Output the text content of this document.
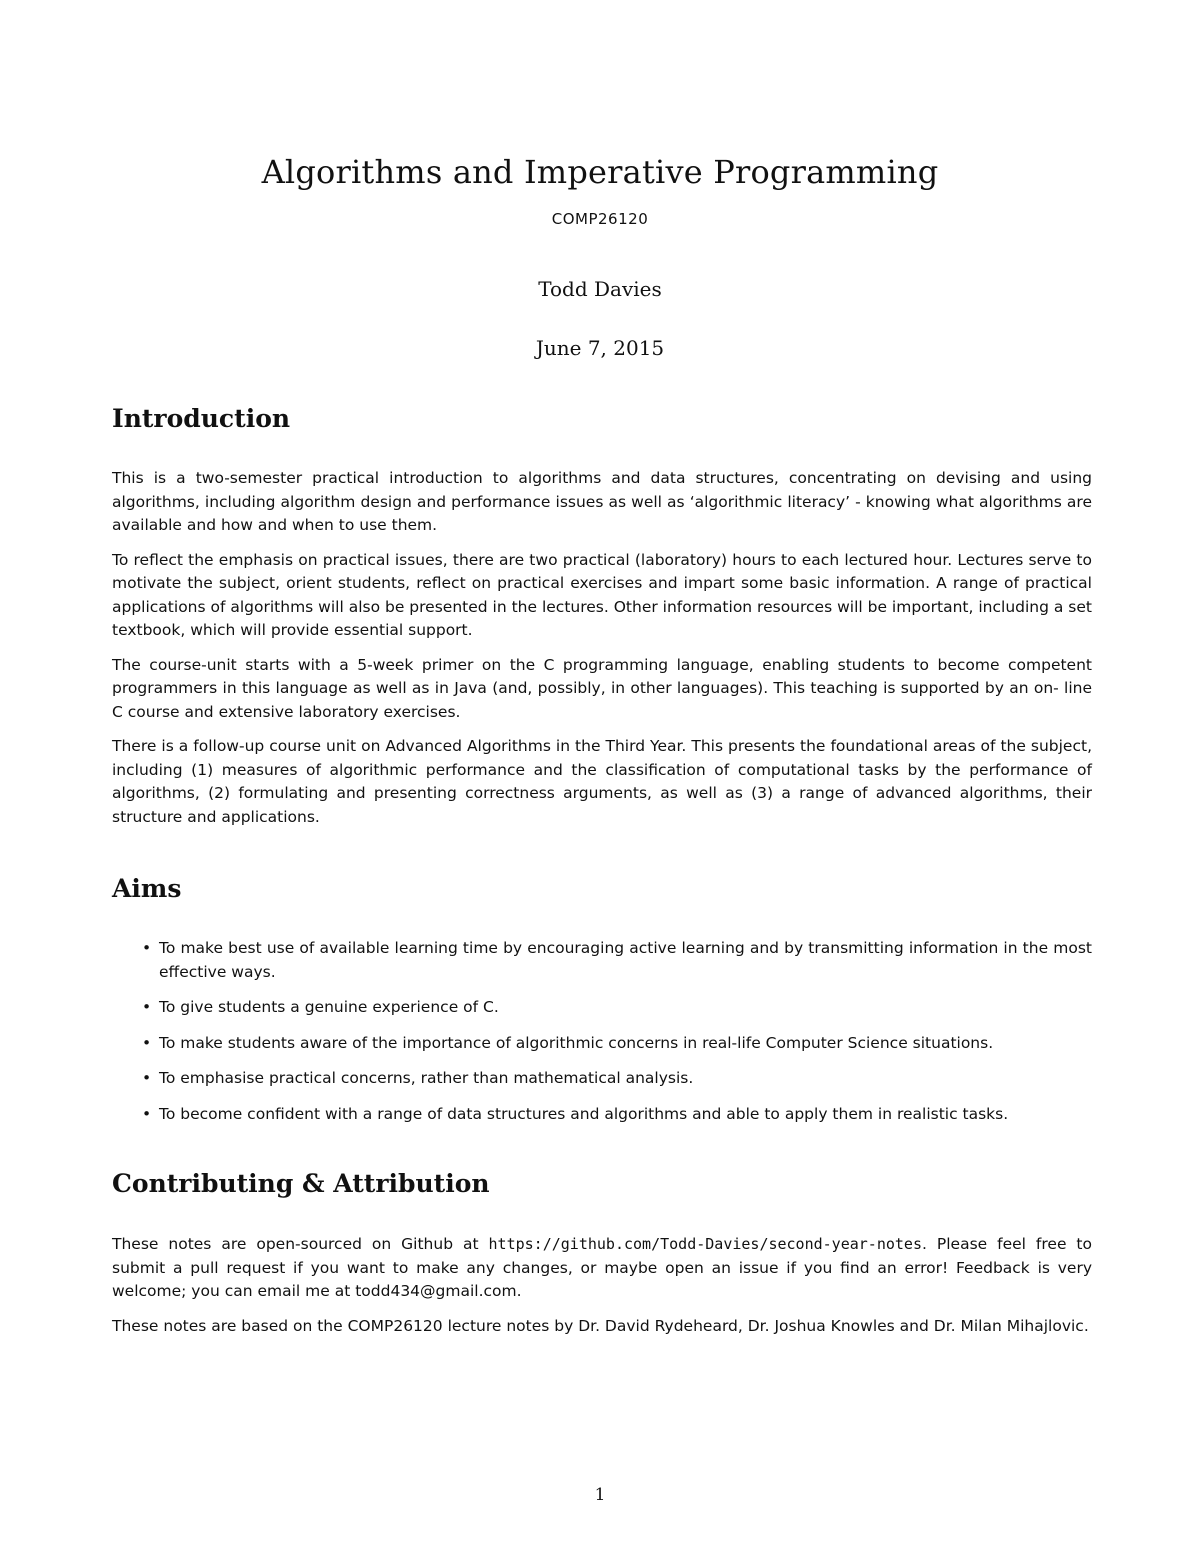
Algorithms and Imperative Programming
COMP26120
Todd Davies
June 7, 2015
Introduction

This is a two-semester practical introduction to algorithms and data structures, concentrating on devising and using algorithms, including algorithm design and performance issues as well as ‘algorithmic literacy’ - knowing what algorithms are available and how and when to use them.

To reflect the emphasis on practical issues, there are two practical (laboratory) hours to each lectured hour. Lectures serve to motivate the subject, orient students, reflect on practical exercises and impart some basic information. A range of practical applications of algorithms will also be presented in the lectures. Other information resources will be important, including a set textbook, which will provide essential support.

The course-unit starts with a 5-week primer on the C programming language, enabling students to become competent programmers in this language as well as in Java (and, possibly, in other languages). This teaching is supported by an on- line C course and extensive laboratory exercises.

There is a follow-up course unit on Advanced Algorithms in the Third Year. This presents the foundational areas of the subject, including (1) measures of algorithmic performance and the classification of computational tasks by the performance of algorithms, (2) formulating and presenting correctness arguments, as well as (3) a range of advanced algorithms, their structure and applications.

Aims
• To make best use of available learning time by encouraging active learning and by transmitting information in the most effective ways.
• To give students a genuine experience of C.
• To make students aware of the importance of algorithmic concerns in real-life Computer Science situations.
• To emphasise practical concerns, rather than mathematical analysis.
• To become confident with a range of data structures and algorithms and able to apply them in realistic tasks.
Contributing & Attribution

These notes are open-sourced on Github at https://github.com/Todd-Davies/second-year-notes. Please feel free to submit a pull request if you want to make any changes, or maybe open an issue if you find an error! Feedback is very welcome; you can email me at todd434@gmail.com.

These notes are based on the COMP26120 lecture notes by Dr. David Rydeheard, Dr. Joshua Knowles and Dr. Milan Mihajlovic.

1
